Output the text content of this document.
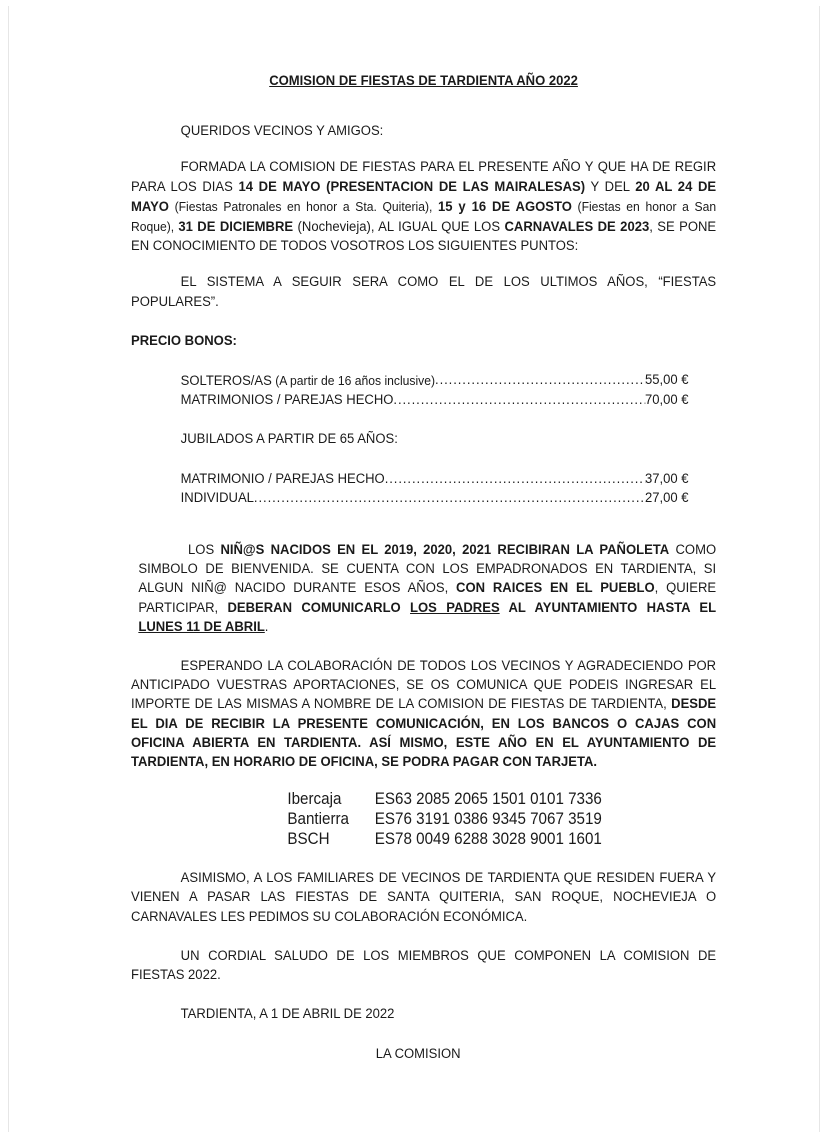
COMISION DE FIESTAS DE TARDIENTA AÑO 2022

QUERIDOS VECINOS Y AMIGOS:

FORMADA LA COMISION DE FIESTAS PARA EL PRESENTE AÑO Y QUE HA DE REGIR PARA LOS DIAS 14 DE MAYO (PRESENTACION DE LAS MAIRALESAS) Y DEL 20 AL 24 DE MAYO (Fiestas Patronales en honor a Sta. Quiteria), 15 y 16 DE AGOSTO (Fiestas en honor a San Roque), 31 DE DICIEMBRE (Nochevieja), AL IGUAL QUE LOS CARNAVALES DE 2023, SE PONE EN CONOCIMIENTO DE TODOS VOSOTROS LOS SIGUIENTES PUNTOS:

EL SISTEMA A SEGUIR SERA COMO EL DE LOS ULTIMOS AÑOS, “FIESTAS POPULARES”.

PRECIO BONOS:

SOLTEROS/AS (A partir de 16 años inclusive) .....	55,00 €
MATRIMONIOS / PAREJAS HECHO .....	70,00 €

JUBILADOS A PARTIR DE 65 AÑOS:

MATRIMONIO / PAREJAS HECHO .....	37,00 €
INDIVIDUAL .....	27,00 €

LOS NIÑ@S NACIDOS EN EL 2019, 2020, 2021 RECIBIRAN LA PAÑOLETA COMO SIMBOLO DE BIENVENIDA. SE CUENTA CON LOS EMPADRONADOS EN TARDIENTA, SI ALGUN NIÑ@ NACIDO DURANTE ESOS AÑOS, CON RAICES EN EL PUEBLO, QUIERE PARTICIPAR, DEBERAN COMUNICARLO LOS PADRES AL AYUNTAMIENTO HASTA EL LUNES 11 DE ABRIL.

ESPERANDO LA COLABORACIÓN DE TODOS LOS VECINOS Y AGRADECIENDO POR ANTICIPADO VUESTRAS APORTACIONES, SE OS COMUNICA QUE PODEIS INGRESAR EL IMPORTE DE LAS MISMAS A NOMBRE DE LA COMISION DE FIESTAS DE TARDIENTA, DESDE EL DIA DE RECIBIR LA PRESENTE COMUNICACIÓN, EN LOS BANCOS O CAJAS CON OFICINA ABIERTA EN TARDIENTA. ASÍ MISMO, ESTE AÑO EN EL AYUNTAMIENTO DE TARDIENTA, EN HORARIO DE OFICINA, SE PODRA PAGAR CON TARJETA.

Ibercaja	ES63 2085 2065 1501 0101 7336
Bantierra	ES76 3191 0386 9345 7067 3519
BSCH	ES78 0049 6288 3028 9001 1601

ASIMISMO, A LOS FAMILIARES DE VECINOS DE TARDIENTA QUE RESIDEN FUERA Y VIENEN A PASAR LAS FIESTAS DE SANTA QUITERIA, SAN ROQUE, NOCHEVIEJA O CARNAVALES LES PEDIMOS SU COLABORACIÓN ECONÓMICA.

UN CORDIAL SALUDO DE LOS MIEMBROS QUE COMPONEN LA COMISION DE FIESTAS 2022.

TARDIENTA, A 1 DE ABRIL DE 2022

LA COMISION
